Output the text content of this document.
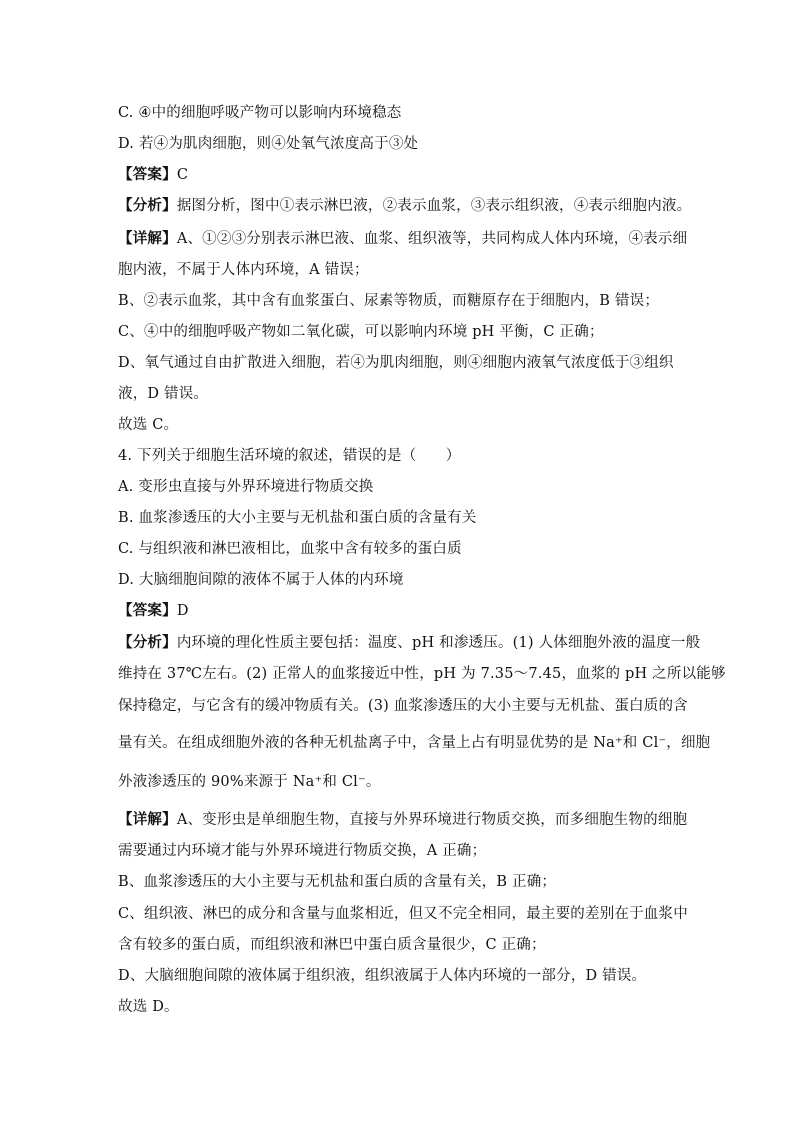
C. ④中的细胞呼吸产物可以影响内环境稳态
D. 若④为肌肉细胞，则④处氧气浓度高于③处
【答案】C
【分析】据图分析，图中①表示淋巴液，②表示血浆，③表示组织液，④表示细胞内液。
【详解】A、①②③分别表示淋巴液、血浆、组织液等，共同构成人体内环境，④表示细
胞内液，不属于人体内环境，A 错误；
B、②表示血浆，其中含有血浆蛋白、尿素等物质，而糖原存在于细胞内，B 错误；
C、④中的细胞呼吸产物如二氧化碳，可以影响内环境 pH 平衡，C 正确；
D、氧气通过自由扩散进入细胞，若④为肌肉细胞，则④细胞内液氧气浓度低于③组织
液，D 错误。
故选 C。
4. 下列关于细胞生活环境的叙述，错误的是（　　）
A. 变形虫直接与外界环境进行物质交换
B. 血浆渗透压的大小主要与无机盐和蛋白质的含量有关
C. 与组织液和淋巴液相比，血浆中含有较多的蛋白质
D. 大脑细胞间隙的液体不属于人体的内环境
【答案】D
【分析】内环境的理化性质主要包括：温度、pH 和渗透压。(1) 人体细胞外液的温度一般
维持在 37℃左右。(2) 正常人的血浆接近中性，pH 为 7.35～7.45，血浆的 pH 之所以能够
保持稳定，与它含有的缓冲物质有关。(3) 血浆渗透压的大小主要与无机盐、蛋白质的含
量有关。在组成细胞外液的各种无机盐离子中，含量上占有明显优势的是 Na⁺和 Cl⁻，细胞
外液渗透压的 90%来源于 Na⁺和 Cl⁻。
【详解】A、变形虫是单细胞生物，直接与外界环境进行物质交换，而多细胞生物的细胞
需要通过内环境才能与外界环境进行物质交换，A 正确；
B、血浆渗透压的大小主要与无机盐和蛋白质的含量有关，B 正确；
C、组织液、淋巴的成分和含量与血浆相近，但又不完全相同，最主要的差别在于血浆中
含有较多的蛋白质，而组织液和淋巴中蛋白质含量很少，C 正确；
D、大脑细胞间隙的液体属于组织液，组织液属于人体内环境的一部分，D 错误。
故选 D。
